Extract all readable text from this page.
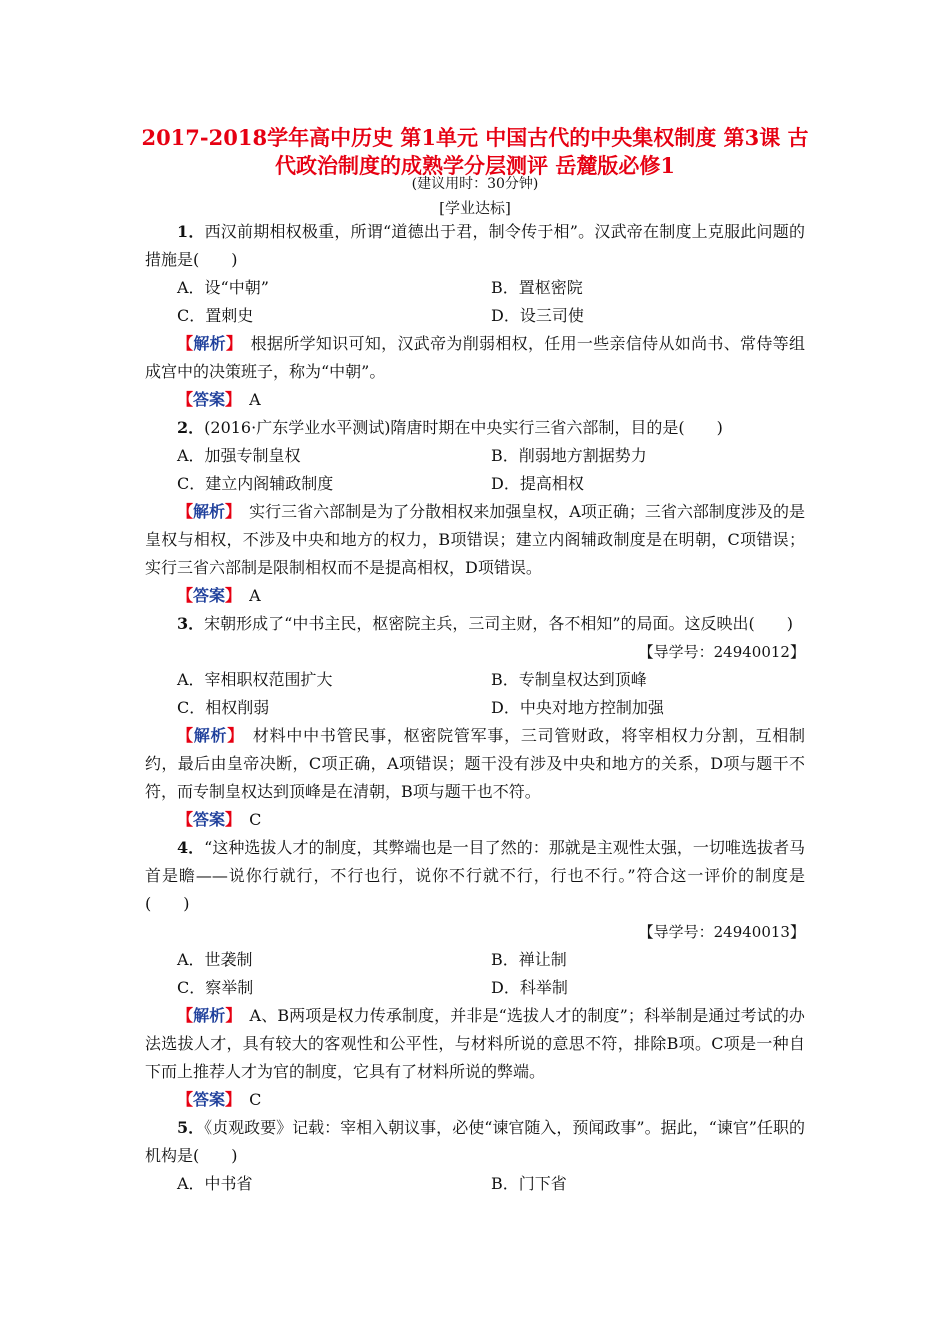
2017-2018学年高中历史 第1单元 中国古代的中央集权制度 第3课 古代政治制度的成熟学分层测评 岳麓版必修1
(建议用时：30分钟)
[学业达标]
1．西汉前期相权极重，所谓“道德出于君，制令传于相”。汉武帝在制度上克服此问题的措施是(　　)
A．设“中朝”	B．置枢密院
C．置刺史	D．设三司使
【解析】　 根据所学知识可知，汉武帝为削弱相权，任用一些亲信侍从如尚书、常侍等组成宫中的决策班子，称为“中朝”。
【答案】　 A
2．(2016·广东学业水平测试)隋唐时期在中央实行三省六部制，目的是(　　)
A．加强专制皇权	B．削弱地方割据势力
C．建立内阁辅政制度	D．提高相权
【解析】　 实行三省六部制是为了分散相权来加强皇权，A项正确；三省六部制度涉及的是皇权与相权，不涉及中央和地方的权力，B项错误；建立内阁辅政制度是在明朝，C项错误；实行三省六部制是限制相权而不是提高相权，D项错误。
【答案】　 A
3．宋朝形成了“中书主民，枢密院主兵，三司主财，各不相知”的局面。这反映出(　　)
【导学号：24940012】
A．宰相职权范围扩大	B．专制皇权达到顶峰
C．相权削弱	D．中央对地方控制加强
【解析】　 材料中中书管民事，枢密院管军事，三司管财政，将宰相权力分割，互相制约，最后由皇帝决断，C项正确，A项错误；题干没有涉及中央和地方的关系，D项与题干不符，而专制皇权达到顶峰是在清朝，B项与题干也不符。
【答案】　 C
4．“这种选拔人才的制度，其弊端也是一目了然的：那就是主观性太强，一切唯选拔者马首是瞻——说你行就行，不行也行，说你不行就不行，行也不行。”符合这一评价的制度是(　　)
【导学号：24940013】
A．世袭制	B．禅让制
C．察举制	D．科举制
【解析】　 A、B两项是权力传承制度，并非是“选拔人才的制度”；科举制是通过考试的办法选拔人才，具有较大的客观性和公平性，与材料所说的意思不符，排除B项。C项是一种自下而上推荐人才为官的制度，它具有了材料所说的弊端。
【答案】　 C
5．《贞观政要》记载：宰相入朝议事，必使“谏官随入，预闻政事”。据此，“谏官”任职的机构是(　　)
A．中书省	B．门下省
